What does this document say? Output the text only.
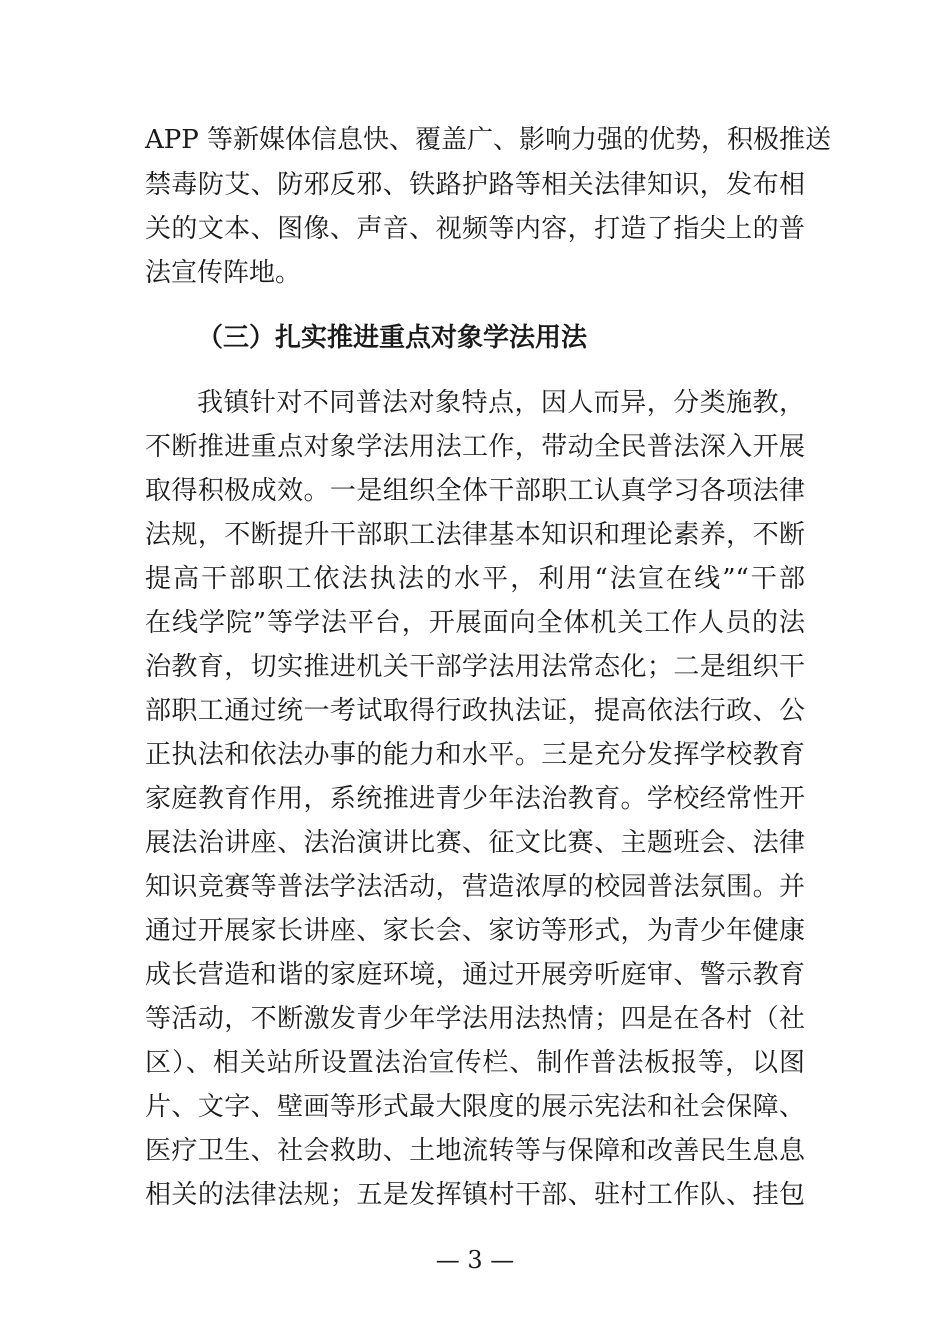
APP 等新媒体信息快、覆盖广、影响力强的优势，积极推送
禁毒防艾、防邪反邪、铁路护路等相关法律知识，发布相
关的文本、图像、声音、视频等内容，打造了指尖上的普
法宣传阵地。
（三）扎实推进重点对象学法用法
我镇针对不同普法对象特点，因人而异，分类施教，
不断推进重点对象学法用法工作，带动全民普法深入开展
取得积极成效。一是组织全体干部职工认真学习各项法律
法规，不断提升干部职工法律基本知识和理论素养，不断
提高干部职工依法执法的水平，利用“法宣在线”“干部
在线学院”等学法平台，开展面向全体机关工作人员的法
治教育，切实推进机关干部学法用法常态化；二是组织干
部职工通过统一考试取得行政执法证，提高依法行政、公
正执法和依法办事的能力和水平。三是充分发挥学校教育
家庭教育作用，系统推进青少年法治教育。学校经常性开
展法治讲座、法治演讲比赛、征文比赛、主题班会、法律
知识竞赛等普法学法活动，营造浓厚的校园普法氛围。并
通过开展家长讲座、家长会、家访等形式，为青少年健康
成长营造和谐的家庭环境，通过开展旁听庭审、警示教育
等活动，不断激发青少年学法用法热情；四是在各村（社
区）、相关站所设置法治宣传栏、制作普法板报等，以图
片、文字、壁画等形式最大限度的展示宪法和社会保障、
医疗卫生、社会救助、土地流转等与保障和改善民生息息
相关的法律法规；五是发挥镇村干部、驻村工作队、挂包
— 3 —
